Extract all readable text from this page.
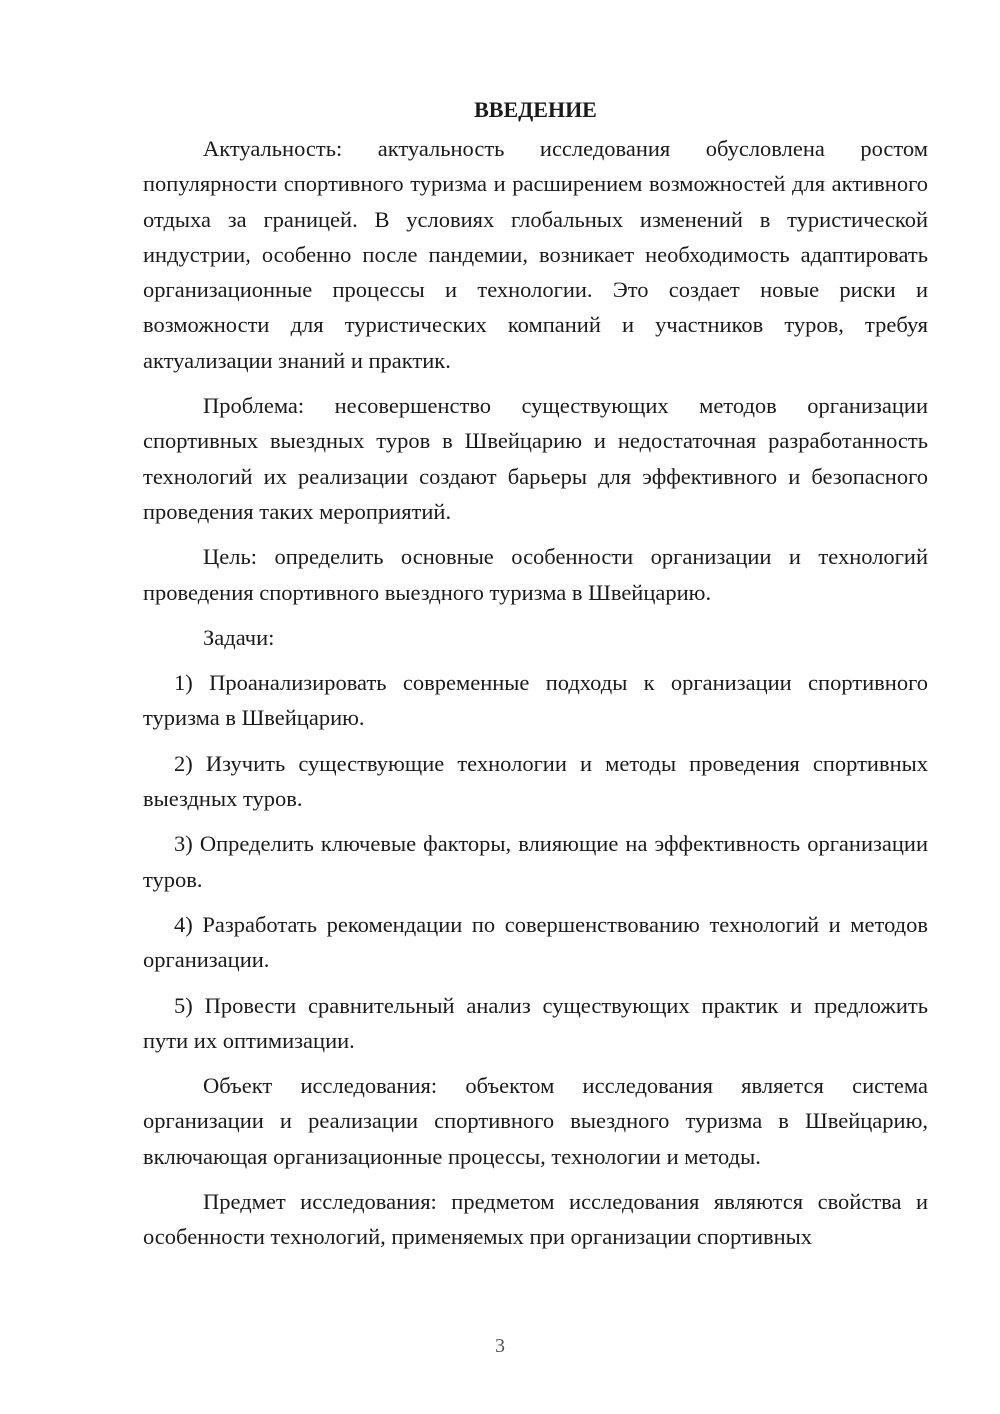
ВВЕДЕНИЕ

Актуальность: актуальность исследования обусловлена ростом популярности спортивного туризма и расширением возможностей для активного отдыха за границей. В условиях глобальных изменений в туристической индустрии, особенно после пандемии, возникает необходимость адаптировать организационные процессы и технологии. Это создает новые риски и возможности для туристических компаний и участников туров, требуя актуализации знаний и практик.

Проблема: несовершенство существующих методов организации спортивных выездных туров в Швейцарию и недостаточная разработанность технологий их реализации создают барьеры для эффективного и безопасного проведения таких мероприятий.

Цель: определить основные особенности организации и технологий проведения спортивного выездного туризма в Швейцарию.

Задачи:

1) Проанализировать современные подходы к организации спортивного туризма в Швейцарию.

2) Изучить существующие технологии и методы проведения спортивных выездных туров.

3) Определить ключевые факторы, влияющие на эффективность организации туров.

4) Разработать рекомендации по совершенствованию технологий и методов организации.

5) Провести сравнительный анализ существующих практик и предложить пути их оптимизации.

Объект исследования: объектом исследования является система организации и реализации спортивного выездного туризма в Швейцарию, включающая организационные процессы, технологии и методы.

Предмет исследования: предметом исследования являются свойства и особенности технологий, применяемых при организации спортивных

3
